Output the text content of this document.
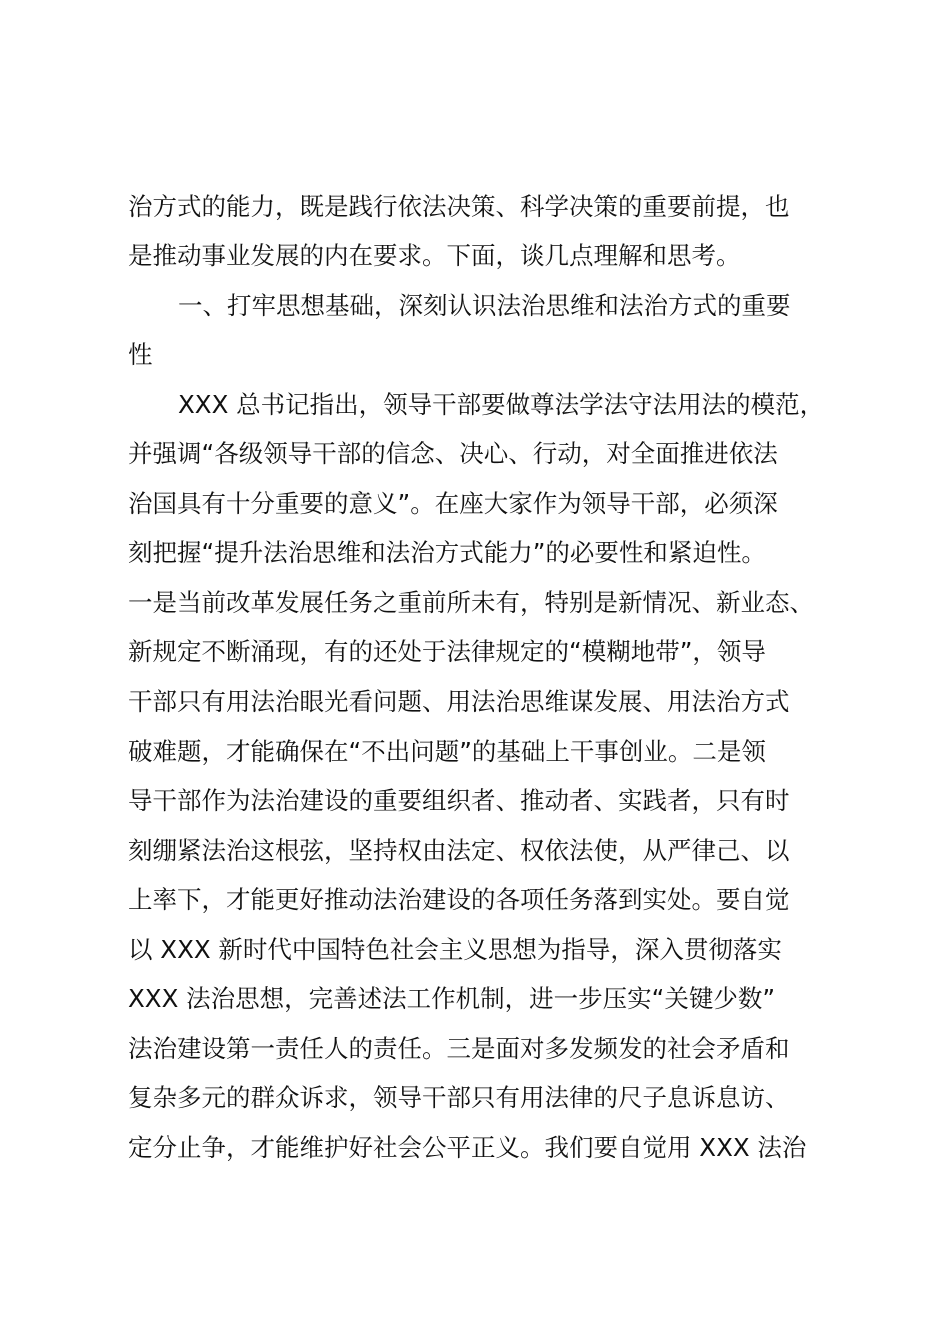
治方式的能力，既是践行依法决策、科学决策的重要前提，也
是推动事业发展的内在要求。下面，谈几点理解和思考。
一、打牢思想基础，深刻认识法治思维和法治方式的重要
性
XXX 总书记指出，领导干部要做尊法学法守法用法的模范，
并强调“各级领导干部的信念、决心、行动，对全面推进依法
治国具有十分重要的意义”。在座大家作为领导干部，必须深
刻把握“提升法治思维和法治方式能力”的必要性和紧迫性。
一是当前改革发展任务之重前所未有，特别是新情况、新业态、
新规定不断涌现，有的还处于法律规定的“模糊地带”，领导
干部只有用法治眼光看问题、用法治思维谋发展、用法治方式
破难题，才能确保在“不出问题”的基础上干事创业。二是领
导干部作为法治建设的重要组织者、推动者、实践者，只有时
刻绷紧法治这根弦，坚持权由法定、权依法使，从严律己、以
上率下，才能更好推动法治建设的各项任务落到实处。要自觉
以 XXX 新时代中国特色社会主义思想为指导，深入贯彻落实
XXX 法治思想，完善述法工作机制，进一步压实“关键少数”
法治建设第一责任人的责任。三是面对多发频发的社会矛盾和
复杂多元的群众诉求，领导干部只有用法律的尺子息诉息访、
定分止争，才能维护好社会公平正义。我们要自觉用 XXX 法治
